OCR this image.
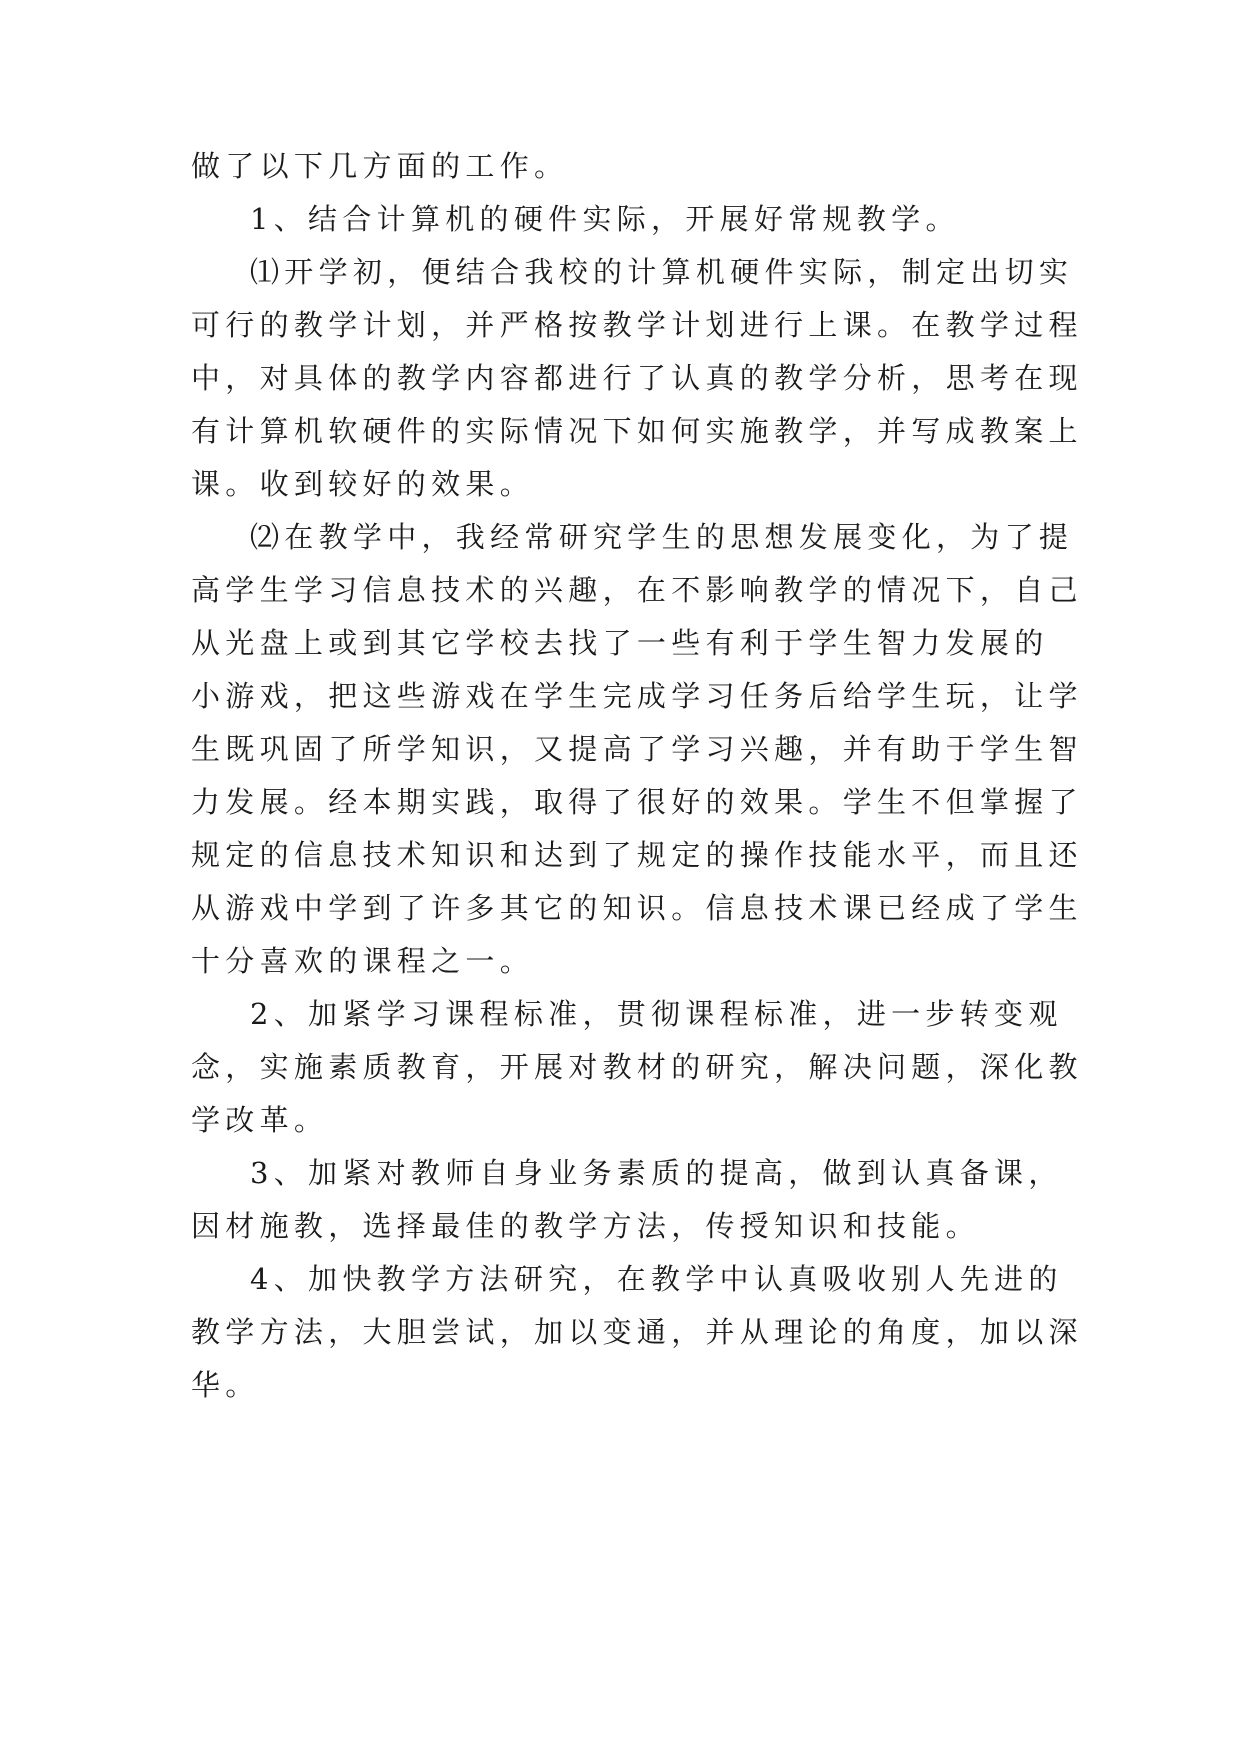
做了以下几方面的工作。
1、结合计算机的硬件实际，开展好常规教学。
⑴开学初，便结合我校的计算机硬件实际，制定出切实
可行的教学计划，并严格按教学计划进行上课。在教学过程
中，对具体的教学内容都进行了认真的教学分析，思考在现
有计算机软硬件的实际情况下如何实施教学，并写成教案上
课。收到较好的效果。
⑵在教学中，我经常研究学生的思想发展变化，为了提
高学生学习信息技术的兴趣，在不影响教学的情况下，自己
从光盘上或到其它学校去找了一些有利于学生智力发展的
小游戏，把这些游戏在学生完成学习任务后给学生玩，让学
生既巩固了所学知识，又提高了学习兴趣，并有助于学生智
力发展。经本期实践，取得了很好的效果。学生不但掌握了
规定的信息技术知识和达到了规定的操作技能水平，而且还
从游戏中学到了许多其它的知识。信息技术课已经成了学生
十分喜欢的课程之一。
2、加紧学习课程标准，贯彻课程标准，进一步转变观
念，实施素质教育，开展对教材的研究，解决问题，深化教
学改革。
3、加紧对教师自身业务素质的提高，做到认真备课，
因材施教，选择最佳的教学方法，传授知识和技能。
4、加快教学方法研究，在教学中认真吸收别人先进的
教学方法，大胆尝试，加以变通，并从理论的角度，加以深
华。
